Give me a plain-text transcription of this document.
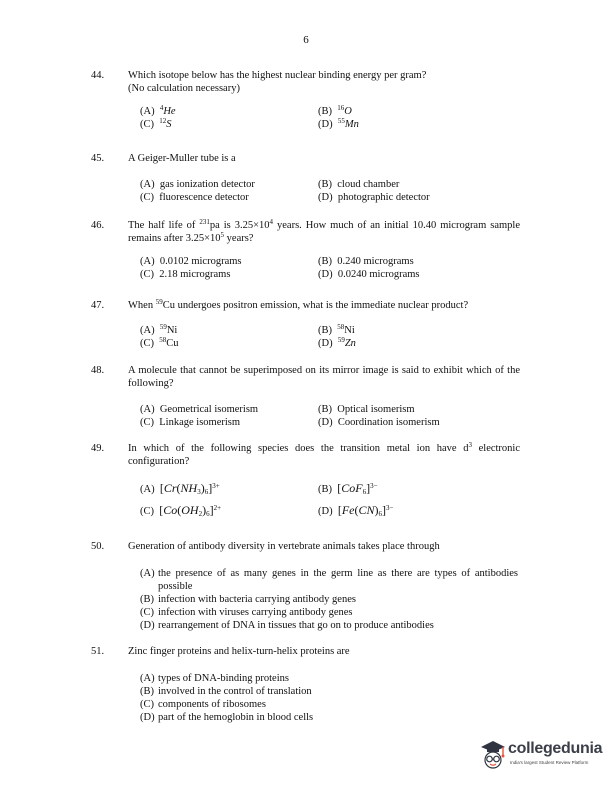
6
44.	Which isotope below has the highest nuclear binding energy per gram?
(No calculation necessary)
(A) $^4$He	(B) $^{16}$O
(C) $^{12}$S	(D) $^{55}$Mn
45.	A Geiger-Muller tube is a
(A) gas ionization detector	(B) cloud chamber
(C) fluorescence detector	(D) photographic detector
46.	The half life of $^{231}$pa is $3.25\times 10^4$ years. How much of an initial 10.40 microgram sample remains after $3.25\times 10^5$ years?
(A) 0.0102 micrograms	(B) 0.240 micrograms
(C) 2.18 micrograms	(D) 0.0240 micrograms
47.	When $^{59}$Cu undergoes positron emission, what is the immediate nuclear product?
(A) $^{59}$Ni	(B) $^{58}$Ni
(C) $^{58}$Cu	(D) $^{59}$Zn
48.	A molecule that cannot be superimposed on its mirror image is said to exhibit which of the following?
(A) Geometrical isomerism	(B) Optical isomerism
(C) Linkage isomerism	(D) Coordination isomerism
49.	In which of the following species does the transition metal ion have $d^3$ electronic configuration?
(A) $[Cr(NH_3)_6]^{3+}$	(B) $[CoF_6]^{3-}$
(C) $[Co(OH_2)_6]^{2+}$	(D) $[Fe(CN)_6]^{3-}$
50.	Generation of antibody diversity in vertebrate animals takes place through
(A) the presence of as many genes in the germ line as there are types of antibodies possible
(B) infection with bacteria carrying antibody genes
(C) infection with viruses carrying antibody genes
(D) rearrangement of DNA in tissues that go on to produce antibodies
51.	Zinc finger proteins and helix-turn-helix proteins are
(A) types of DNA-binding proteins
(B) involved in the control of translation
(C) components of ribosomes
(D) part of the hemoglobin in blood cells
collegedunia
India's largest Student Review Platform
